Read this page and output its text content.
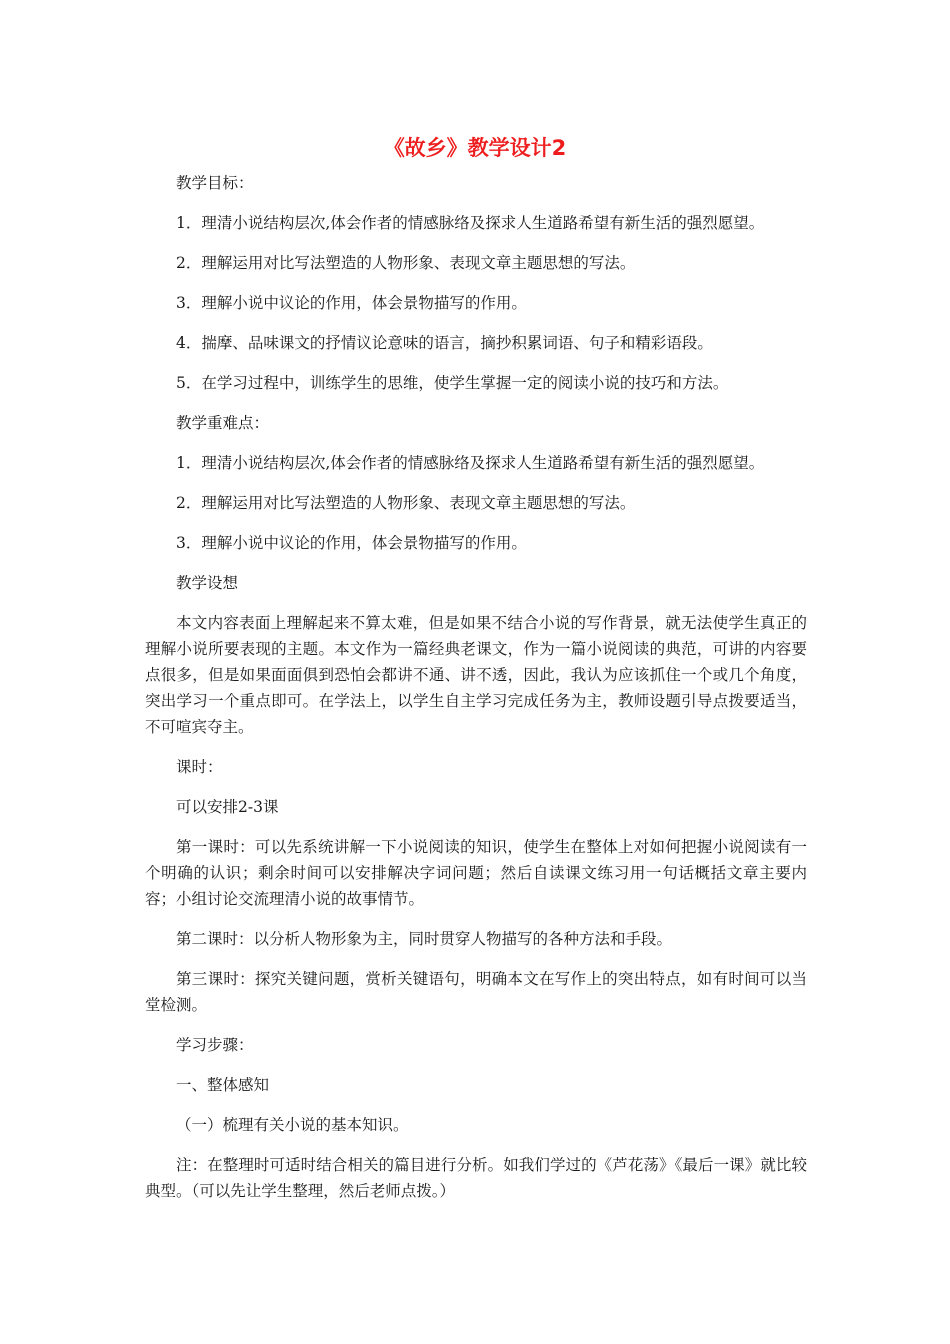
《故乡》教学设计2

教学目标：

1．理清小说结构层次,体会作者的情感脉络及探求人生道路希望有新生活的强烈愿望。

2．理解运用对比写法塑造的人物形象、表现文章主题思想的写法。

3．理解小说中议论的作用，体会景物描写的作用。

4．揣摩、品味课文的抒情议论意味的语言，摘抄积累词语、句子和精彩语段。

5．在学习过程中，训练学生的思维，使学生掌握一定的阅读小说的技巧和方法。

教学重难点：

1．理清小说结构层次,体会作者的情感脉络及探求人生道路希望有新生活的强烈愿望。

2．理解运用对比写法塑造的人物形象、表现文章主题思想的写法。

3．理解小说中议论的作用，体会景物描写的作用。

教学设想

本文内容表面上理解起来不算太难，但是如果不结合小说的写作背景，就无法使学生真正的理解小说所要表现的主题。本文作为一篇经典老课文，作为一篇小说阅读的典范，可讲的内容要点很多，但是如果面面俱到恐怕会都讲不通、讲不透，因此，我认为应该抓住一个或几个角度，突出学习一个重点即可。在学法上，以学生自主学习完成任务为主，教师设题引导点拨要适当，不可喧宾夺主。

课时：

可以安排2-3课

第一课时：可以先系统讲解一下小说阅读的知识，使学生在整体上对如何把握小说阅读有一个明确的认识；剩余时间可以安排解决字词问题；然后自读课文练习用一句话概括文章主要内容；小组讨论交流理清小说的故事情节。

第二课时：以分析人物形象为主，同时贯穿人物描写的各种方法和手段。

第三课时：探究关键问题，赏析关键语句，明确本文在写作上的突出特点，如有时间可以当堂检测。

学习步骤：

一、整体感知

（一）梳理有关小说的基本知识。

注：在整理时可适时结合相关的篇目进行分析。如我们学过的《芦花荡》《最后一课》就比较典型。（可以先让学生整理，然后老师点拨。）
